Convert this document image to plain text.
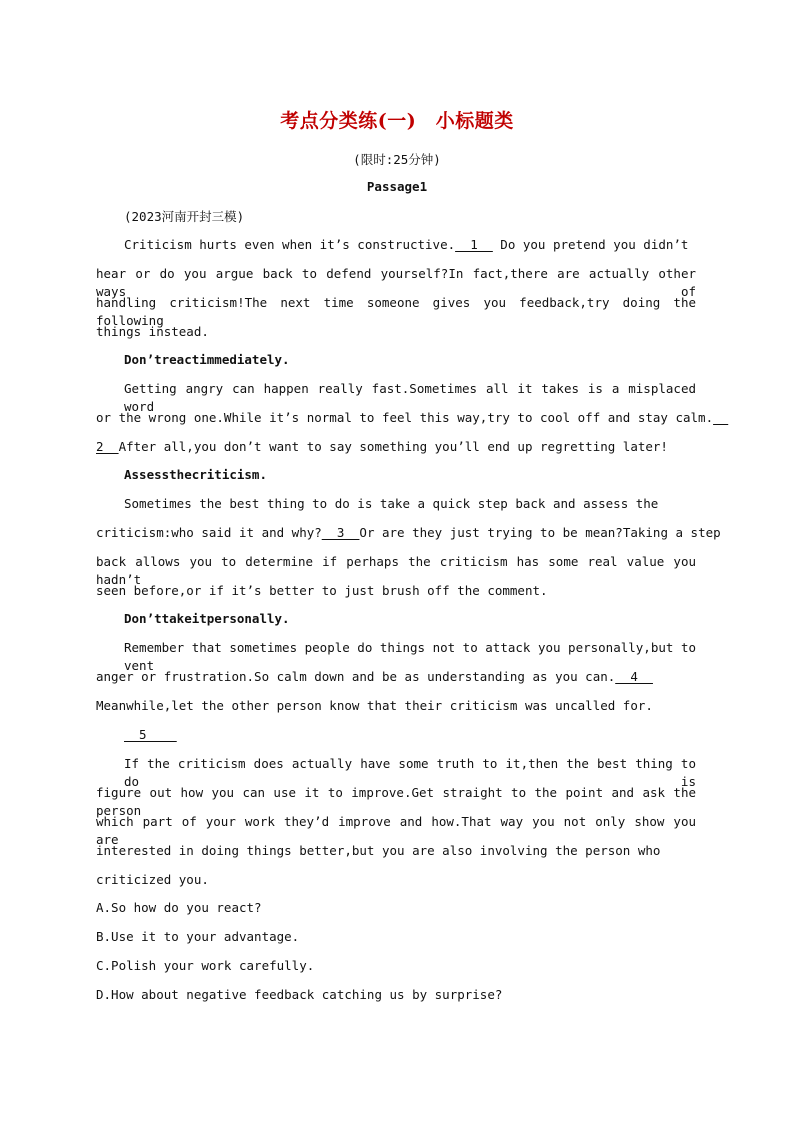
考点分类练(一)　小标题类
(限时:25分钟)
Passage1
(2023河南开封三模)
Criticism hurts even when it’s constructive.__1__ Do you pretend you didn’t
hear or do you argue back to defend yourself?In fact,there are actually other ways of
handling criticism!The next time someone gives you feedback,try doing the following
things instead.
Don’treactimmediately.
Getting angry can happen really fast.Sometimes all it takes is a misplaced word
or the wrong one.While it’s normal to feel this way,try to cool off and stay calm.__
2__After all,you don’t want to say something you’ll end up regretting later!
Assessthecriticism.
Sometimes the best thing to do is take a quick step back and assess the
criticism:who said it and why?__3__Or are they just trying to be mean?Taking a step
back allows you to determine if perhaps the criticism has some real value you hadn’t
seen before,or if it’s better to just brush off the comment.
Don’ttakeitpersonally.
Remember that sometimes people do things not to attack you personally,but to vent
anger or frustration.So calm down and be as understanding as you can.__4__
Meanwhile,let the other person know that their criticism was uncalled for.
__5____
If the criticism does actually have some truth to it,then the best thing to do is
figure out how you can use it to improve.Get straight to the point and ask the person
which part of your work they’d improve and how.That way you not only show you are
interested in doing things better,but you are also involving the person who
criticized you.
A.So how do you react?
B.Use it to your advantage.
C.Polish your work carefully.
D.How about negative feedback catching us by surprise?
